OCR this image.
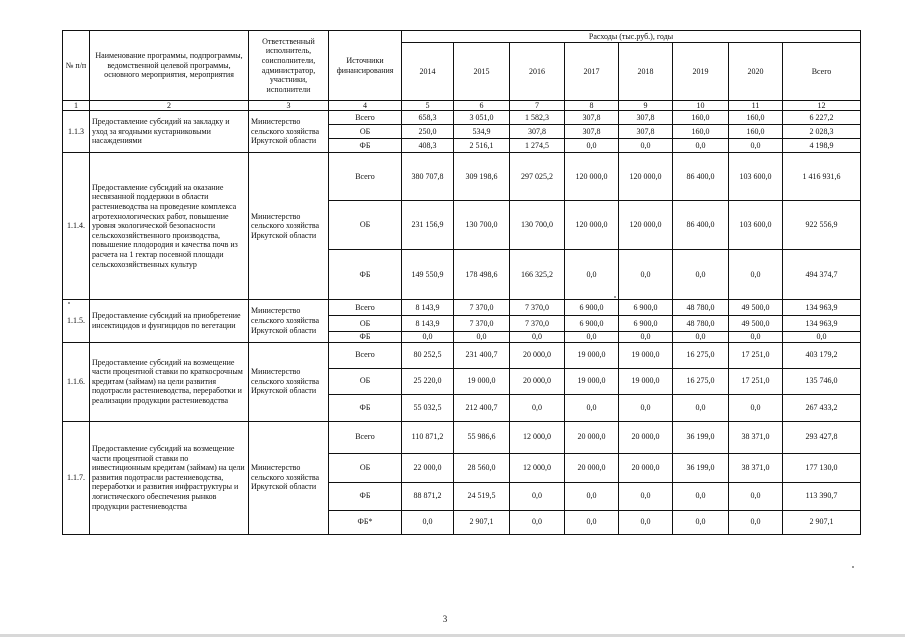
№ п/п	Наименование программы, подпрограммы, ведомственной целевой программы, основного мероприятия, мероприятия	Ответственный исполнитель, соисполнители, администратор, участники, исполнители	Источники финансирования	Расходы (тыс.руб.), годы							
				2014	2015	2016	2017	2018	2019	2020	Всего
1	2	3	4	5	6	7	8	9	10	11	12
1.1.3	Предоставление субсидий на закладку и уход за ягодными кустарниковыми насаждениями	Министерство сельского хозяйства Иркутской области	Всего	658,3	3 051,0	1 582,3	307,8	307,8	160,0	160,0	6 227,2
			ОБ	250,0	534,9	307,8	307,8	307,8	160,0	160,0	2 028,3
			ФБ	408,3	2 516,1	1 274,5	0,0	0,0	0,0	0,0	4 198,9
1.1.4.	Предоставление субсидий на оказание несвязанной поддержки в области растениеводства на проведение комплекса агротехнологических работ, повышение уровня экологической безопасности сельскохозяйственного производства, повышение плодородия и качества почв из расчета на 1 гектар посевной площади сельскохозяйственных культур	Министерство сельского хозяйства Иркутской области	Всего	380 707,8	309 198,6	297 025,2	120 000,0	120 000,0	86 400,0	103 600,0	1 416 931,6
			ОБ	231 156,9	130 700,0	130 700,0	120 000,0	120 000,0	86 400,0	103 600,0	922 556,9
			ФБ	149 550,9	178 498,6	166 325,2	0,0	0,0	0,0	0,0	494 374,7
1.1.5.	Предоставление субсидий на приобретение инсектицидов и фунгицидов по вегетации	Министерство сельского хозяйства Иркутской области	Всего	8 143,9	7 370,0	7 370,0	6 900,0	6 900,0	48 780,0	49 500,0	134 963,9
			ОБ	8 143,9	7 370,0	7 370,0	6 900,0	6 900,0	48 780,0	49 500,0	134 963,9
			ФБ	0,0	0,0	0,0	0,0	0,0	0,0	0,0	0,0
1.1.6.	Предоставление субсидий на возмещение части процентной ставки по краткосрочным кредитам (займам) на цели развития подотрасли растениеводства, переработки и реализации продукции растениеводства	Министерство сельского хозяйства Иркутской области	Всего	80 252,5	231 400,7	20 000,0	19 000,0	19 000,0	16 275,0	17 251,0	403 179,2
			ОБ	25 220,0	19 000,0	20 000,0	19 000,0	19 000,0	16 275,0	17 251,0	135 746,0
			ФБ	55 032,5	212 400,7	0,0	0,0	0,0	0,0	0,0	267 433,2
1.1.7.	Предоставление субсидий на возмещение части процентной ставки по инвестиционным кредитам (займам) на цели развития подотрасли растениеводства, переработки и развития инфраструктуры и логистического обеспечения рынков продукции растениеводства	Министерство сельского хозяйства Иркутской области	Всего	110 871,2	55 986,6	12 000,0	20 000,0	20 000,0	36 199,0	38 371,0	293 427,8
			ОБ	22 000,0	28 560,0	12 000,0	20 000,0	20 000,0	36 199,0	38 371,0	177 130,0
			ФБ	88 871,2	24 519,5	0,0	0,0	0,0	0,0	0,0	113 390,7
			ФБ*	0,0	2 907,1	0,0	0,0	0,0	0,0	0,0	2 907,1
3
